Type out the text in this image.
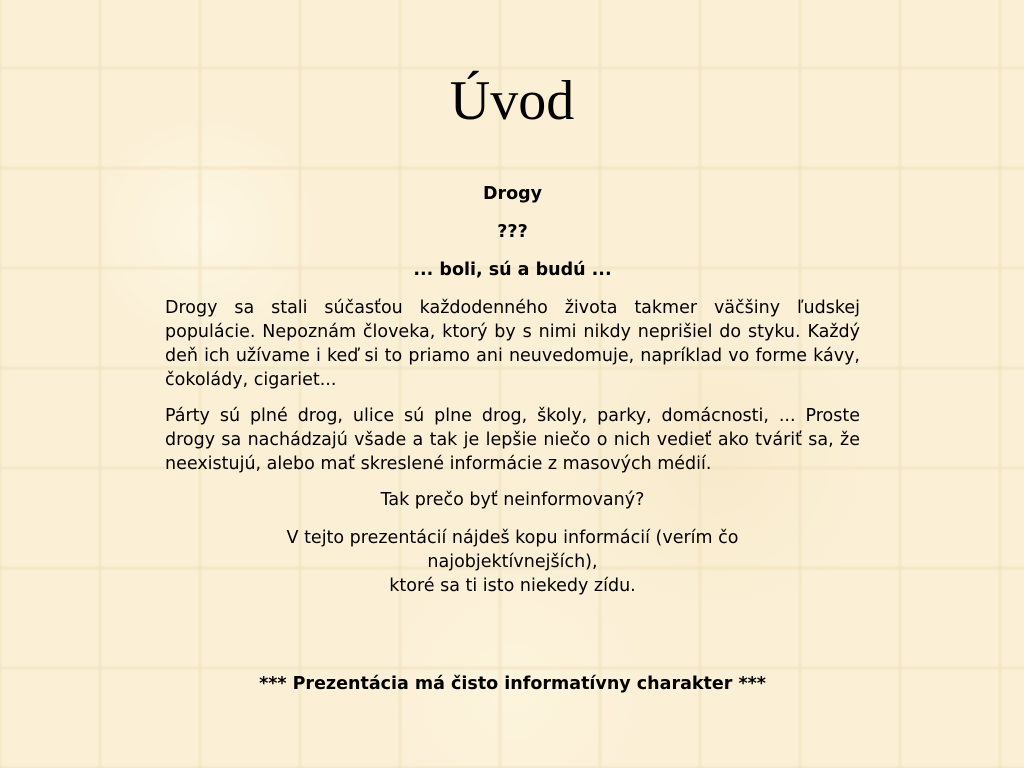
Úvod

Drogy

???

... boli, sú a budú ...

Drogy sa stali súčasťou každodenného života takmer väčšiny ľudskej populácie. Nepoznám človeka, ktorý by s nimi nikdy neprišiel do styku. Každý deň ich užívame i keď si to priamo ani neuvedomuje, napríklad vo forme kávy, čokolády, cigariet...

Párty sú plné drog, ulice sú plne drog, školy, parky, domácnosti, ... Proste drogy sa nachádzajú všade a tak je lepšie niečo o nich vedieť ako tváriť sa, že neexistujú, alebo mať skreslené informácie z masových médií.

Tak prečo byť neinformovaný?

V tejto prezentácií nájdeš kopu informácií (verím čo
najobjektívnejších),
ktoré sa ti isto niekedy zídu.

*** Prezentácia má čisto informatívny charakter ***
